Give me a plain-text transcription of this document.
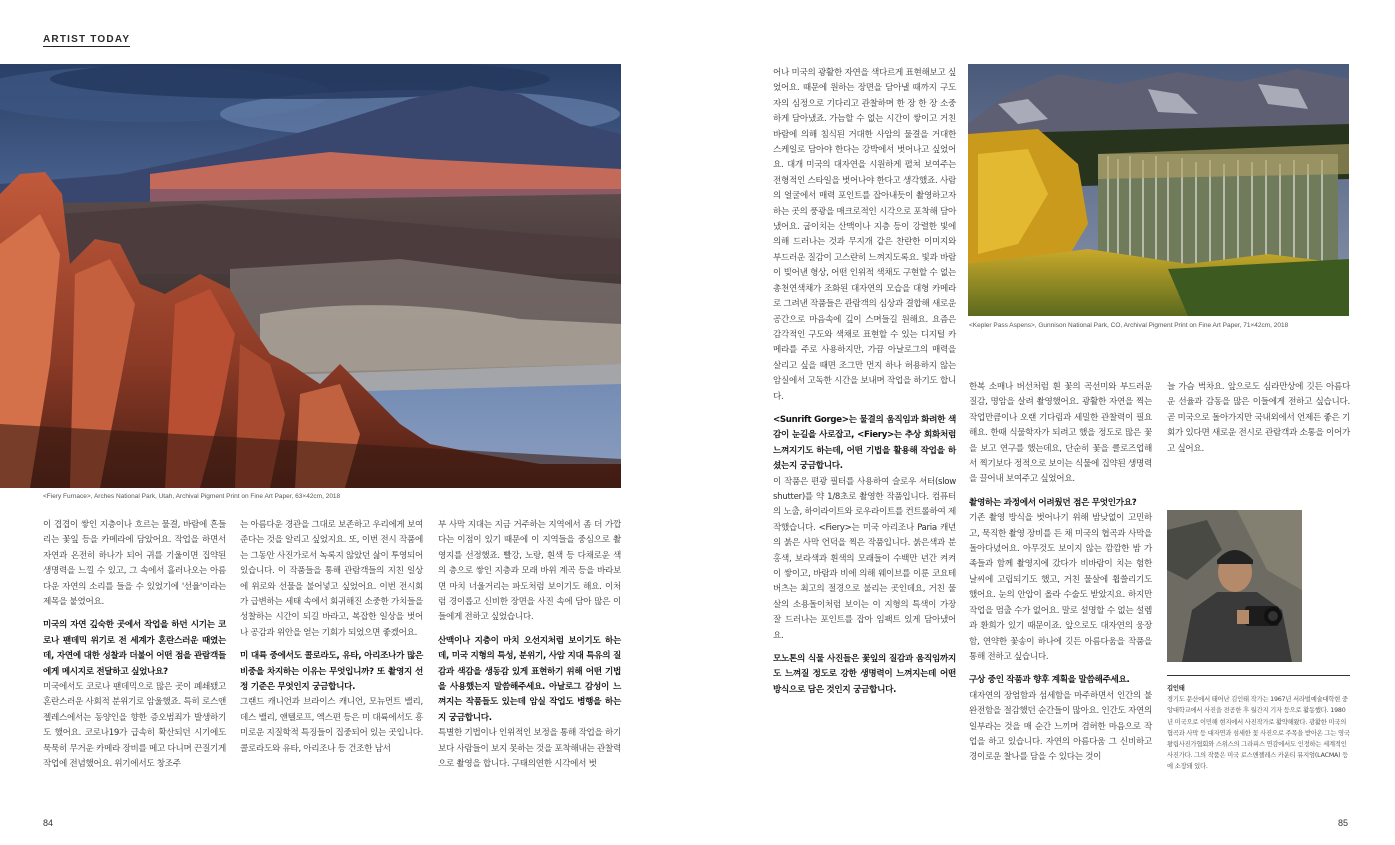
ARTIST TODAY
<Fiery Furnace>, Arches National Park, Utah, Archival Pigment Print on Fine Art Paper, 63×42cm, 2018

이 겹겹이 쌓인 지층이나 흐르는 물결, 바람에 흔들리는 꽃잎 등을 카메라에 담았어요. 작업을 하면서 자연과 온전히 하나가 되어 귀를 기울이면 집약된 생명력을 느낄 수 있고, 그 속에서 흘러나오는 아름다운 자연의 소리를 들을 수 있었기에 '선율'이라는 제목을 붙였어요.

미국의 자연 깊숙한 곳에서 작업을 하던 시기는 코로나 팬데믹 위기로 전 세계가 혼란스러운 때였는데, 자연에 대한 성찰과 더불어 어떤 점을 관람객들에게 메시지로 전달하고 싶었나요?

미국에서도 코로나 팬데믹으로 많은 곳이 폐쇄됐고 혼란스러운 사회적 분위기로 암울했죠. 특히 로스앤젤레스에서는 동양인을 향한 증오범죄가 발생하기도 했어요. 코로나19가 급속히 확산되던 시기에도 묵묵히 무거운 카메라 장비를 메고 다니며 끈질기게 작업에 전념했어요. 위기에서도 창조주

는 아름다운 경관을 그대로 보존하고 우리에게 보여준다는 것을 알리고 싶었지요. 또, 이번 전시 작품에는 그동안 사진가로서 녹록지 않았던 삶이 투영되어 있습니다. 이 작품들을 통해 관람객들의 지친 일상에 위로와 선물을 불어넣고 싶었어요. 이번 전시회가 급변하는 세태 속에서 회귀해진 소중한 가치들을 성찰하는 시간이 되길 바라고, 복잡한 일상을 벗어나 공감과 위안을 얻는 기회가 되었으면 좋겠어요.

미 대륙 중에서도 콜로라도, 유타, 아리조나가 많은 비중을 차지하는 이유는 무엇입니까? 또 촬영지 선정 기준은 무엇인지 궁금합니다.

그랜드 캐니언과 브라이스 캐니언, 모뉴먼트 밸리, 데스 밸리, 앤텔로프, 엑스편 등은 미 대륙에서도 흥미로운 지질학적 특징들이 집중되어 있는 곳입니다. 콜로라도와 유타, 아리조나 등 건조한 남서

부 사막 지대는 지금 거주하는 지역에서 좀 더 가깝다는 이점이 있기 때문에 이 지역들을 중심으로 촬영지를 선정했죠. 빨강, 노랑, 흰색 등 다채로운 색의 층으로 쌓인 지층과 모래 바위 계곡 등을 바라보면 마치 너울거리는 파도처럼 보이기도 해요. 이처럼 경이롭고 신비한 장면을 사진 속에 담아 많은 이들에게 전하고 싶었습니다.

산맥이나 지층이 마치 오선지처럼 보이기도 하는데, 미국 지형의 특성, 분위기, 사암 지대 특유의 질감과 색감을 생동감 있게 표현하기 위해 어떤 기법을 사용했는지 말씀해주세요. 아날로그 감성이 느껴지는 작품들도 있는데 암실 작업도 병행을 하는지 궁금합니다.

특별한 기법이나 인위적인 보정을 통해 작업을 하기보다 사람들이 보지 못하는 것을 포착해내는 관찰력으로 촬영을 합니다. 구태의연한 시각에서 벗

84

어나 미국의 광활한 자연을 색다르게 표현해보고 싶었어요. 때문에 원하는 장면을 담아낼 때까지 구도자의 심정으로 기다리고 관찰하며 한 장 한 장 소중하게 담아냈죠. 가늠할 수 없는 시간이 쌓이고 거친 바람에 의해 침식된 거대한 사암의 물결을 거대한 스케일로 담아야 한다는 강박에서 벗어나고 싶었어요. 대개 미국의 대자연을 시원하게 펼쳐 보여주는 전형적인 스타일을 벗어나야 한다고 생각했죠. 사람의 얼굴에서 매력 포인트를 잡아내듯이 촬영하고자 하는 곳의 풍광을 매크로적인 시각으로 포착해 담아냈어요. 굽이치는 산맥이나 지층 등이 강렬한 빛에 의해 드러나는 것과 무지개 같은 찬란한 이미지와 부드러운 질감이 고스란히 느껴지도록요. 빛과 바람이 빚어낸 형상, 어떤 인위적 색채도 구현할 수 없는 총천연색채가 조화된 대자연의 모습을 대형 카메라로 그려낸 작품들은 관람객의 심상과 결합해 새로운 공간으로 마음속에 깊이 스며들길 원해요. 요즘은 감각적인 구도와 색채로 표현할 수 있는 디지털 카메라를 주로 사용하지만, 가끔 아날로그의 매력을 살리고 싶을 때면 조그만 먼지 하나 허용하지 않는 암실에서 고독한 시간을 보내며 작업을 하기도 합니다.

<Sunrift Gorge>는 물결의 움직임과 화려한 색감이 눈길을 사로잡고, <Fiery>는 추상 회화처럼 느껴지기도 하는데, 어떤 기법을 활용해 작업을 하셨는지 궁금합니다.

이 작품은 편광 필터를 사용하여 슬로우 셔터(slow shutter)를 약 1/8초로 촬영한 작품입니다. 컴퓨터의 노출, 하이라이트와 로우라이트를 컨트롤하여 제작했습니다. <Fiery>는 미국 아리조나 Paria 캐년의 붉은 사막 언덕을 찍은 작품입니다. 붉은색과 분홍색, 보라색과 흰색의 모래들이 수백만 년간 켜켜이 쌓이고, 바람과 비에 의해 웨이브를 이룬 코요테 버츠는 최고의 절경으로 불리는 곳인데요, 거친 물살의 소용돌이처럼 보이는 이 지형의 특색이 가장 잘 드러나는 포인트를 잡아 임팩트 있게 담아냈어요.

모노톤의 식물 사진들은 꽃잎의 질감과 움직임까지도 느껴질 정도로 강한 생명력이 느껴지는데 어떤 방식으로 담은 것인지 궁금합니다.

<Kepler Pass Aspens>, Gunnison National Park, CO, Archival Pigment Print on Fine Art Paper, 71×42cm, 2018

한복 소매나 버선처럼 흰 꽃의 곡선미와 부드러운 질감, 명암을 살려 촬영했어요. 광활한 자연을 찍는 작업만큼이나 오랜 기다림과 세밀한 관찰력이 필요해요. 한때 식물학자가 되려고 했을 정도로 많은 꽃을 보고 연구를 했는데요, 단순히 꽃을 클로즈업해서 찍기보다 정적으로 보이는 식물에 집약된 생명력을 끌어내 보여주고 싶었어요.

촬영하는 과정에서 어려웠던 점은 무엇인가요?

기존 촬영 방식을 벗어나기 위해 밤낮없이 고민하고, 묵직한 촬영 장비를 든 채 미국의 협곡과 사막을 돌아다녔어요. 아무것도 보이지 않는 깜깜한 밤 가족들과 함께 촬영지에 갔다가 비바람이 치는 험한 날씨에 고립되기도 했고, 거친 물살에 휩쓸리기도 했어요. 눈의 안압이 올라 수술도 받았지요. 하지만 작업을 멈출 수가 없어요. 말로 설명할 수 없는 설렘과 환희가 있기 때문이죠. 앞으로도 대자연의 웅장함, 연약한 꽃송이 하나에 깃든 아름다움을 작품을 통해 전하고 싶습니다.

구상 중인 작품과 향후 계획을 말씀해주세요.

대자연의 장엄함과 섬세함을 마주하면서 인간의 불완전함을 절감했던 순간들이 많아요. 인간도 자연의 일부라는 것을 매 순간 느끼며 겸허한 마음으로 작업을 하고 있습니다. 자연의 아름다움 그 신비하고 경이로운 찰나를 담을 수 있다는 것이

늘 가슴 벅차요. 앞으로도 심라만상에 깃든 아름다운 선율과 감동을 많은 이들에게 전하고 싶습니다. 곧 미국으로 돌아가지만 국내외에서 언제든 좋은 기회가 있다면 새로운 전시로 관람객과 소통을 이어가고 싶어요.

김인태
경기도 문산에서 태어난 김인태 작가는 1967년 서라벌예술대학현 중앙대학교에서 사진을 전공한 후 월간지 기자 등으로 활동했다. 1980년 미국으로 이민해 현지에서 사진작가로 활약해왔다. 광활한 미국의 협곡과 사막 등 대자연과 섬세한 꽃 사진으로 주목을 받아온 그는 영국 왕립사진가협회와 스위스의 그라피스 연감에서도 인정하는 세계적인 사진가다. 그의 작품은 미국 로스앤젤레스 카운티 뮤지엄(LACMA) 등에 소장돼 있다.
85
